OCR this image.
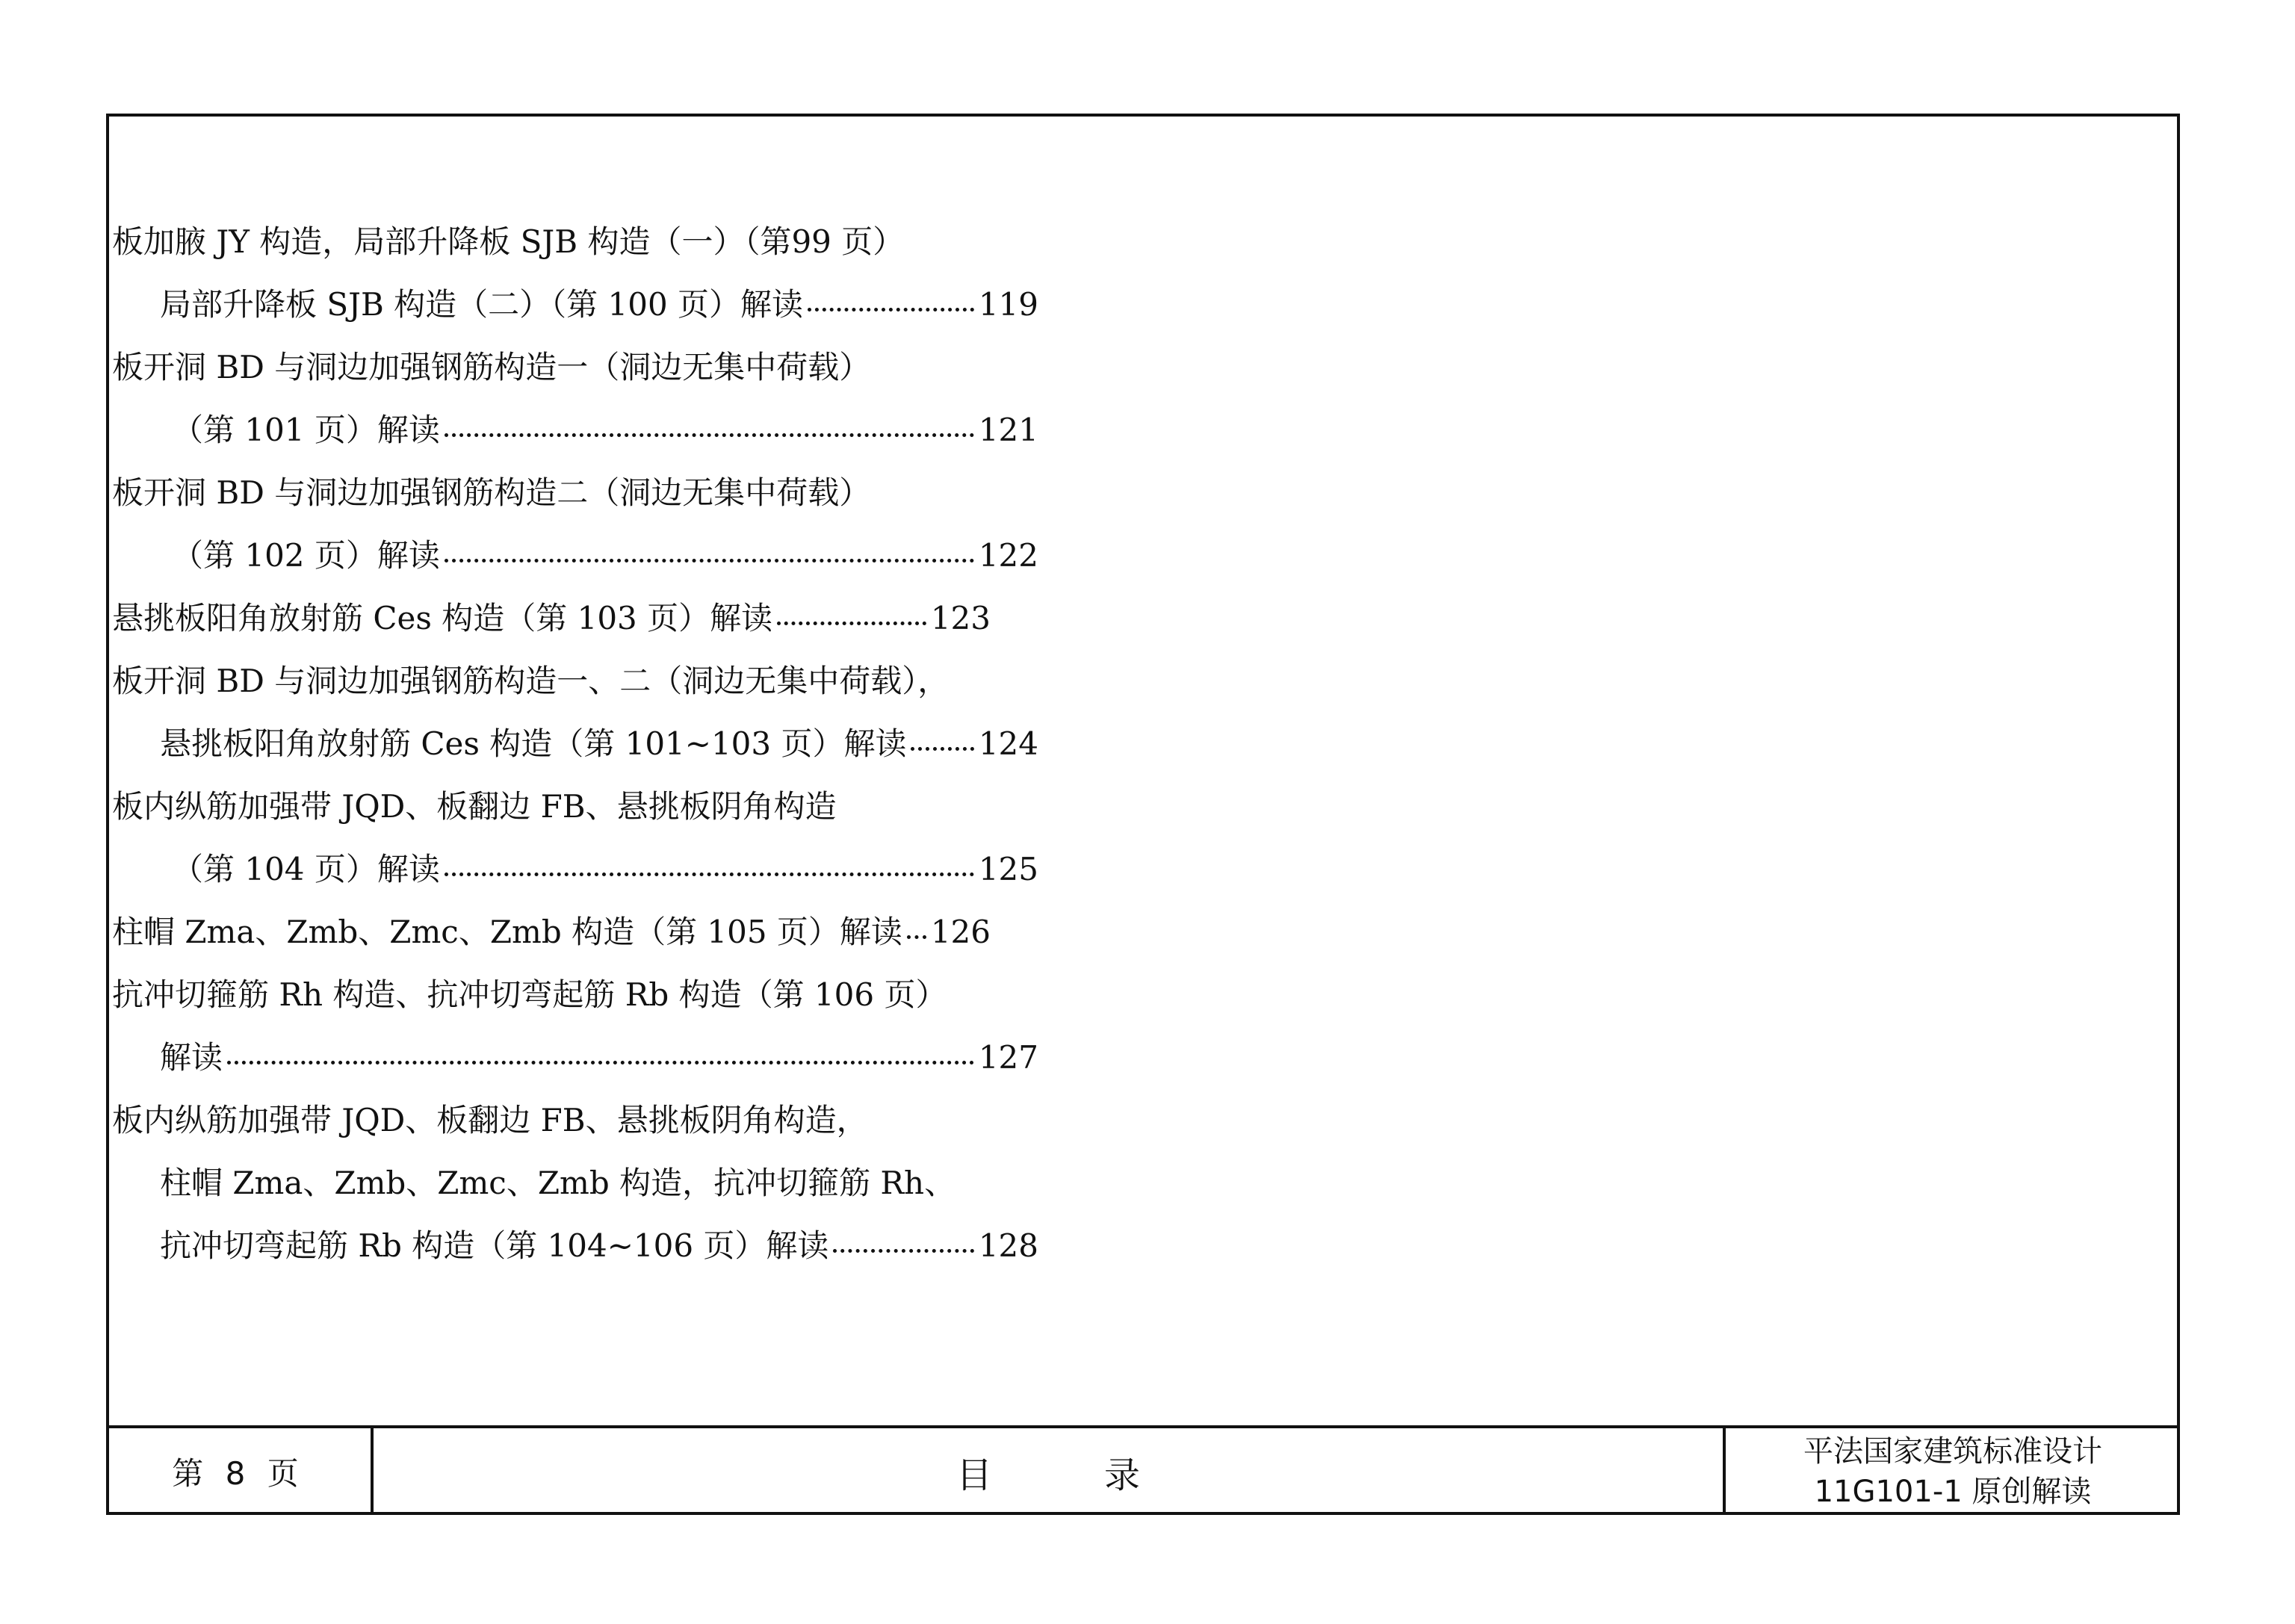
板加腋 JY 构造，局部升降板 SJB 构造（一）（第99 页）
局部升降板 SJB 构造（二）（第 100 页）解读	119
板开洞 BD 与洞边加强钢筋构造一（洞边无集中荷载）
（第 101 页）解读	121
板开洞 BD 与洞边加强钢筋构造二（洞边无集中荷载）
（第 102 页）解读	122
悬挑板阳角放射筋 Ces 构造（第 103 页）解读	123
板开洞 BD 与洞边加强钢筋构造一、二（洞边无集中荷载），
悬挑板阳角放射筋 Ces 构造（第 101~103 页）解读 124
板内纵筋加强带 JQD、板翻边 FB、悬挑板阴角构造
（第 104 页）解读	125
柱帽 Zma、Zmb、Zmc、Zmb 构造（第 105 页）解读 126
抗冲切箍筋 Rh 构造、抗冲切弯起筋 Rb 构造（第 106 页）
解读	127
板内纵筋加强带 JQD、板翻边 FB、悬挑板阴角构造，
柱帽 Zma、Zmb、Zmc、Zmb 构造，抗冲切箍筋 Rh、
抗冲切弯起筋 Rb 构造（第 104~106 页）解读	128
第 8 页	目录
平法国家建筑标准设计
11G101-1 原创解读
